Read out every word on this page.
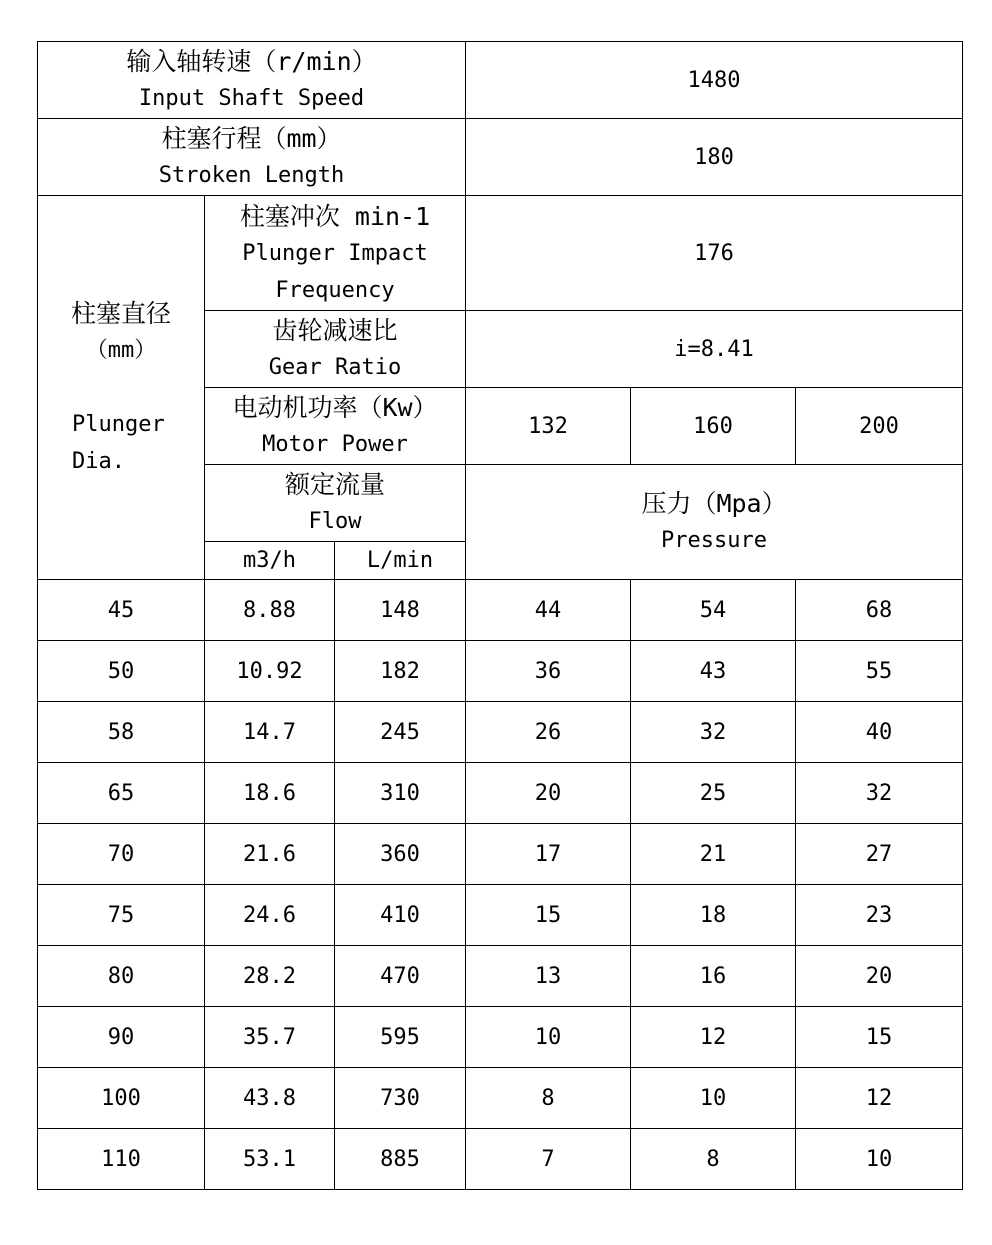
输入轴转速（r/min）
Input Shaft Speed			1480		

柱塞行程（mm）
Stroken Length			180		

柱塞直径
（mm）
Plunger
Dia.	柱塞冲次 min-1
Plunger Impact
Frequency		176		

	齿轮减速比
Gear Ratio		i=8.41		

	电动机功率（Kw）
Motor Power		132	160	200

	额定流量
Flow		压力（Mpa）
Pressure		

	m3/h	L/min			
45	8.88	148	44	54	68
50	10.92	182	36	43	55
58	14.7	245	26	32	40
65	18.6	310	20	25	32
70	21.6	360	17	21	27
75	24.6	410	15	18	23
80	28.2	470	13	16	20
90	35.7	595	10	12	15
100	43.8	730	8	10	12
110	53.1	885	7	8	10
